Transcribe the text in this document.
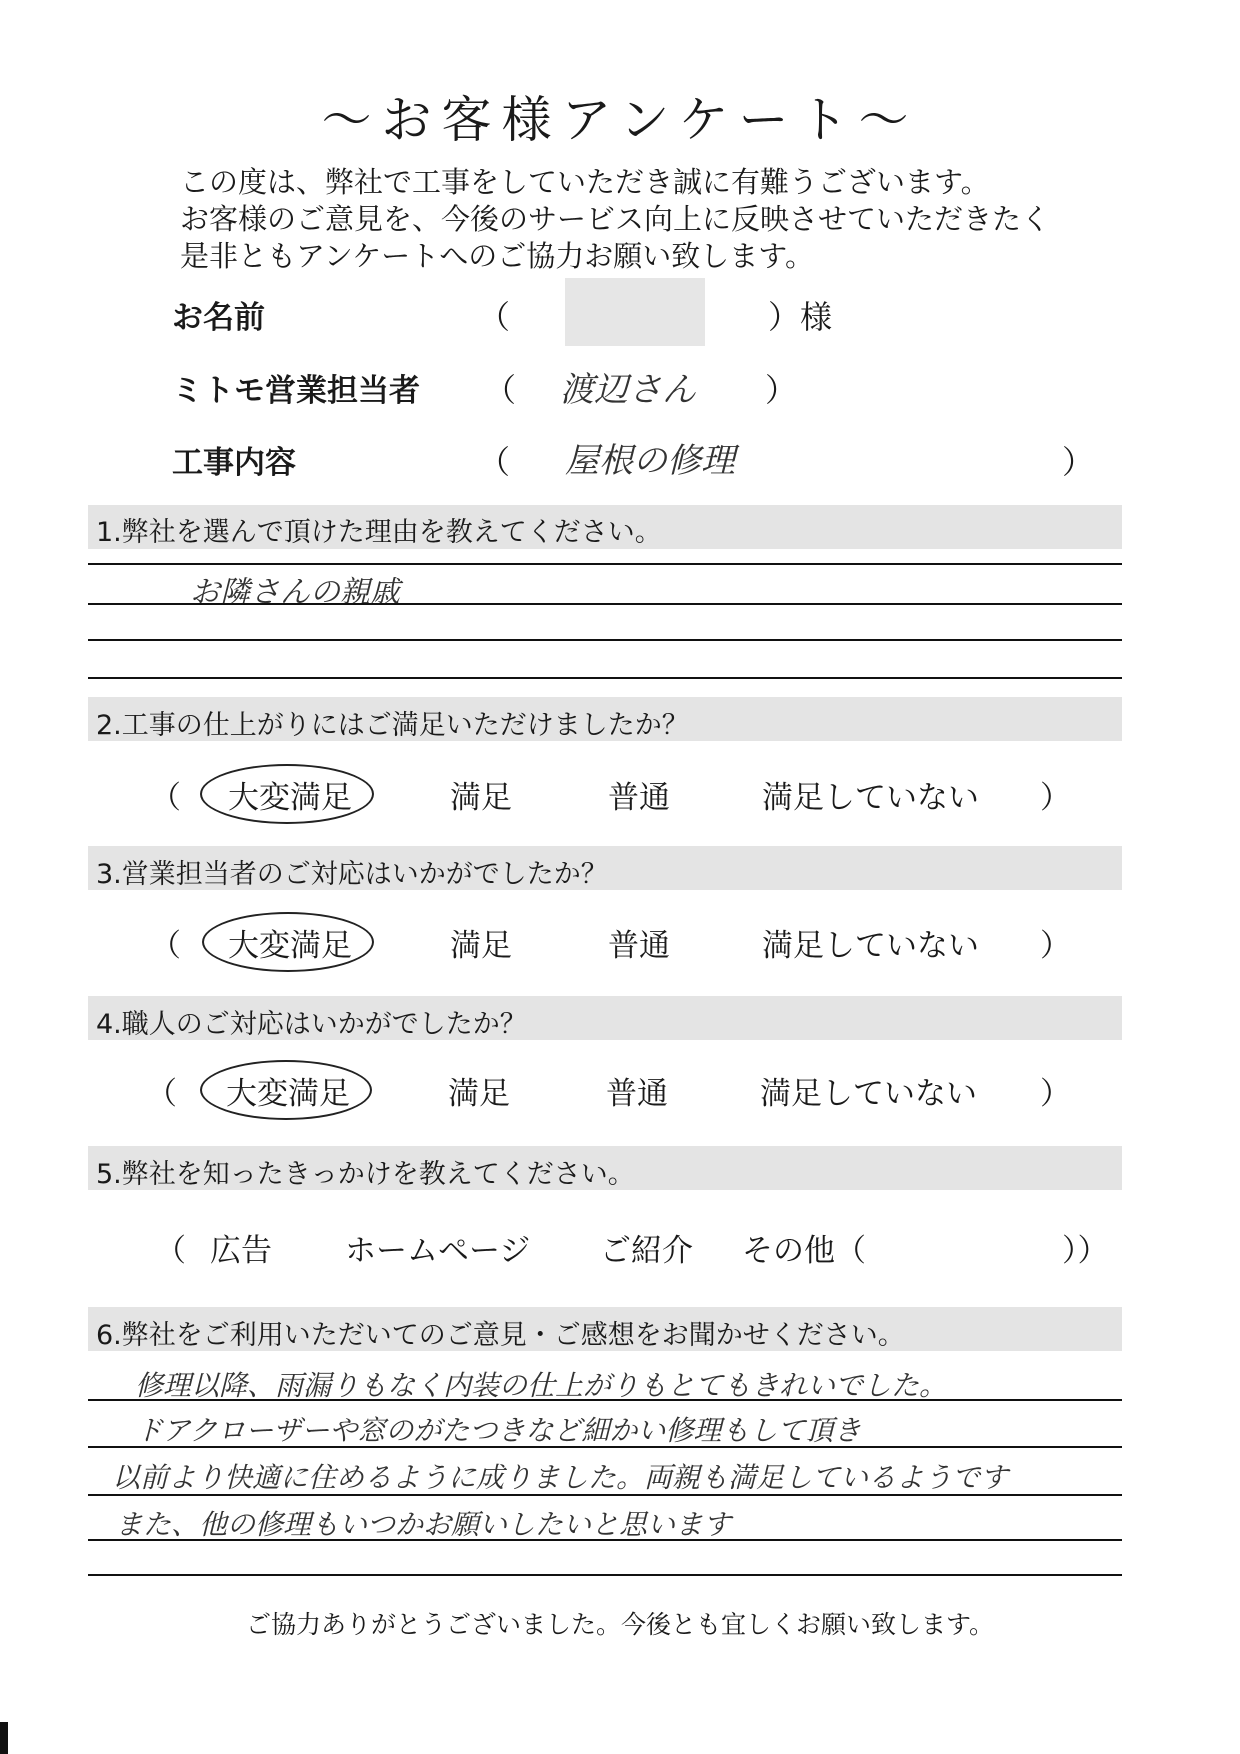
～お客様アンケート～
この度は、弊社で工事をしていただき誠に有難うございます。
お客様のご意見を、今後のサービス向上に反映させていただきたく
是非ともアンケートへのご協力お願い致します。
お名前	（	）様
ミトモ営業担当者 （ 渡辺さん ）
工事内容	（ 屋根の修理	）
1.弊社を選んで頂けた理由を教えてください。
お隣さんの親戚
2.工事の仕上がりにはご満足いただけましたか？
（ 大変満足	満足	普通	満足していない ）
3.営業担当者のご対応はいかがでしたか？
（ 大変満足	満足	普通	満足していない ）
4.職人のご対応はいかがでしたか？
（ 大変満足	満足	普通	満足していない ）
5.弊社を知ったきっかけを教えてください。
（ 広告 ホームページ ご紹介 その他（	））
6.弊社をご利用いただいてのご意見・ご感想をお聞かせください。
修理以降、雨漏りもなく内装の仕上がりもとてもきれいでした。
ドアクローザーや窓のがたつきなど細かい修理もして頂き
以前より快適に住めるように成りました。両親も満足しているようです
また、他の修理もいつかお願いしたいと思います
ご協力ありがとうございました。今後とも宜しくお願い致します。
